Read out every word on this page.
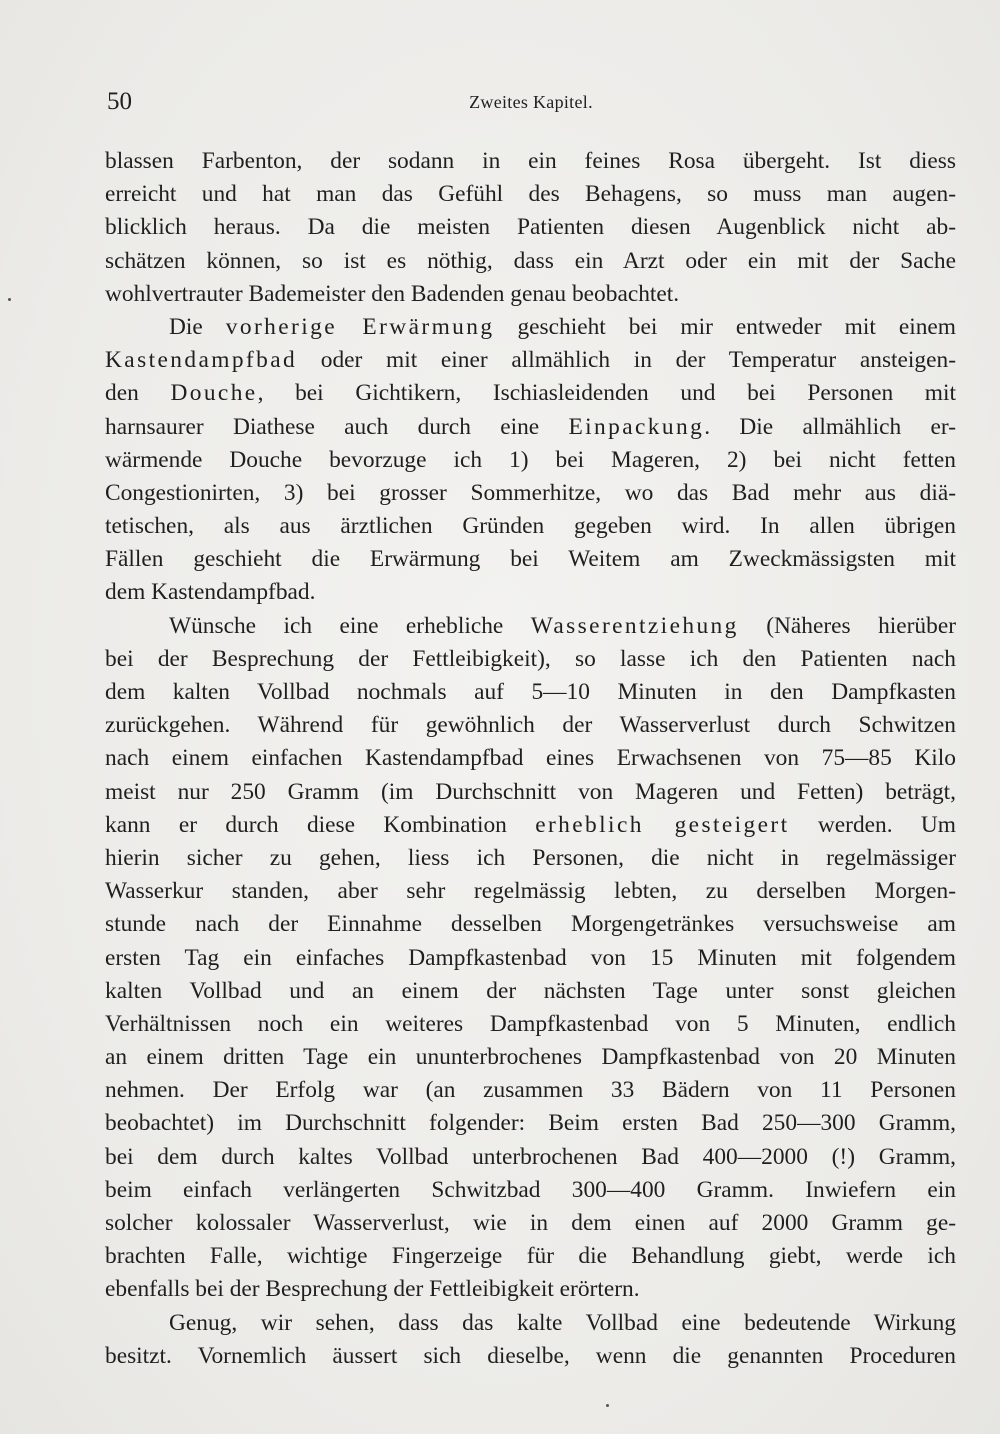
50	Zweites Kapitel.
blassen Farbenton, der sodann in ein feines Rosa übergeht. Ist diess
erreicht und hat man das Gefühl des Behagens, so muss man augen-
blicklich heraus. Da die meisten Patienten diesen Augenblick nicht ab-
schätzen können, so ist es nöthig, dass ein Arzt oder ein mit der Sache
wohlvertrauter Bademeister den Badenden genau beobachtet.
Die vorherige Erwärmung geschieht bei mir entweder mit einem
Kastendampfbad oder mit einer allmählich in der Temperatur ansteigen-
den Douche, bei Gichtikern, Ischiasleidenden und bei Personen mit
harnsaurer Diathese auch durch eine Einpackung. Die allmählich er-
wärmende Douche bevorzuge ich 1) bei Mageren, 2) bei nicht fetten
Congestionirten, 3) bei grosser Sommerhitze, wo das Bad mehr aus diä-
tetischen, als aus ärztlichen Gründen gegeben wird. In allen übrigen
Fällen geschieht die Erwärmung bei Weitem am Zweckmässigsten mit
dem Kastendampfbad.
Wünsche ich eine erhebliche Wasserentziehung (Näheres hierüber
bei der Besprechung der Fettleibigkeit), so lasse ich den Patienten nach
dem kalten Vollbad nochmals auf 5—10 Minuten in den Dampfkasten
zurückgehen. Während für gewöhnlich der Wasserverlust durch Schwitzen
nach einem einfachen Kastendampfbad eines Erwachsenen von 75—85 Kilo
meist nur 250 Gramm (im Durchschnitt von Mageren und Fetten) beträgt,
kann er durch diese Kombination erheblich gesteigert werden. Um
hierin sicher zu gehen, liess ich Personen, die nicht in regelmässiger
Wasserkur standen, aber sehr regelmässig lebten, zu derselben Morgen-
stunde nach der Einnahme desselben Morgengetränkes versuchsweise am
ersten Tag ein einfaches Dampfkastenbad von 15 Minuten mit folgendem
kalten Vollbad und an einem der nächsten Tage unter sonst gleichen
Verhältnissen noch ein weiteres Dampfkastenbad von 5 Minuten, endlich
an einem dritten Tage ein ununterbrochenes Dampfkastenbad von 20 Minuten
nehmen. Der Erfolg war (an zusammen 33 Bädern von 11 Personen
beobachtet) im Durchschnitt folgender: Beim ersten Bad 250—300 Gramm,
bei dem durch kaltes Vollbad unterbrochenen Bad 400—2000 (!) Gramm,
beim einfach verlängerten Schwitzbad 300—400 Gramm. Inwiefern ein
solcher kolossaler Wasserverlust, wie in dem einen auf 2000 Gramm ge-
brachten Falle, wichtige Fingerzeige für die Behandlung giebt, werde ich
ebenfalls bei der Besprechung der Fettleibigkeit erörtern.
Genug, wir sehen, dass das kalte Vollbad eine bedeutende Wirkung
besitzt. Vornemlich äussert sich dieselbe, wenn die genannten Proceduren
